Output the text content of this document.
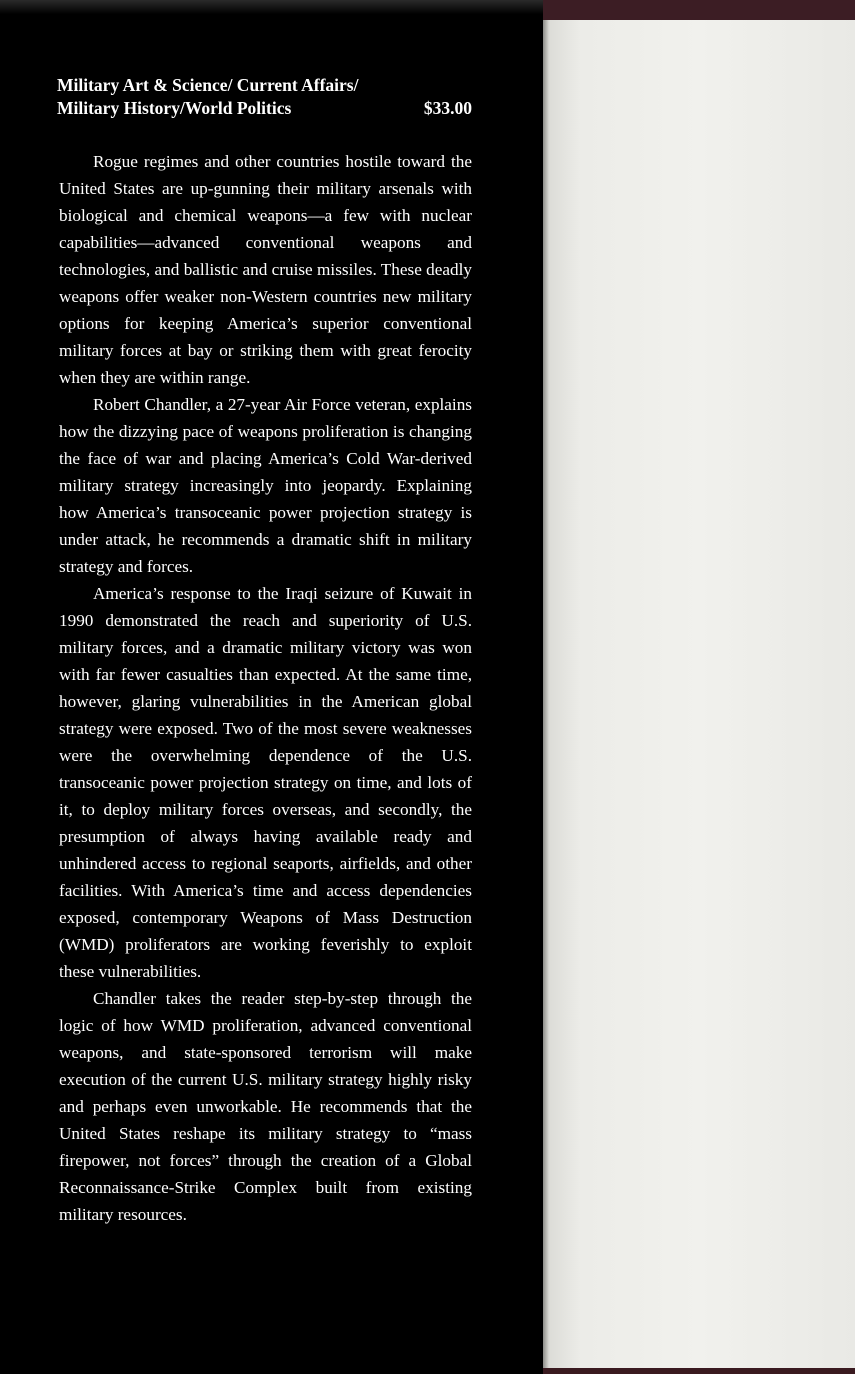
Military Art & Science/ Current Affairs/
Military History/World Politics	$33.00

Rogue regimes and other countries hostile toward the United States are up-gunning their military arsenals with biological and chemical weapons—a few with nuclear capabilities—advanced conventional weapons and technologies, and ballistic and cruise missiles. These deadly weapons offer weaker non-Western countries new military options for keeping America’s superior conventional military forces at bay or striking them with great ferocity when they are within range.

Robert Chandler, a 27-year Air Force veteran, explains how the dizzying pace of weapons proliferation is changing the face of war and placing America’s Cold War-derived military strategy increasingly into jeopardy. Explaining how America’s transoceanic power projection strategy is under attack, he recommends a dramatic shift in military strategy and forces.

America’s response to the Iraqi seizure of Kuwait in 1990 demonstrated the reach and superiority of U.S. military forces, and a dramatic military victory was won with far fewer casualties than expected. At the same time, however, glaring vulnerabilities in the American global strategy were exposed. Two of the most severe weaknesses were the overwhelming dependence of the U.S. transoceanic power projection strategy on time, and lots of it, to deploy military forces overseas, and secondly, the presumption of always having available ready and unhindered access to regional seaports, airfields, and other facilities. With America’s time and access dependencies exposed, contemporary Weapons of Mass Destruction (WMD) proliferators are working feverishly to exploit these vulnerabilities.

Chandler takes the reader step-by-step through the logic of how WMD proliferation, advanced conventional weapons, and state-sponsored terrorism will make execution of the current U.S. military strategy highly risky and perhaps even unworkable. He recommends that the United States reshape its military strategy to “mass firepower, not forces” through the creation of a Global Reconnaissance-Strike Complex built from existing military resources.
